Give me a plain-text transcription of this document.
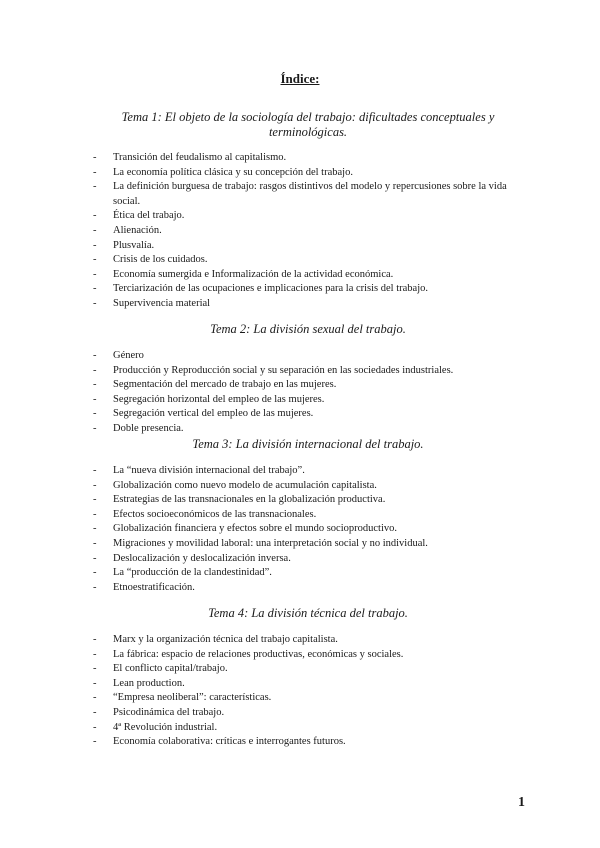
Índice:
Tema 1: El objeto de la sociología del trabajo: dificultades conceptuales y terminológicas.
- Transición del feudalismo al capitalismo.
- La economía política clásica y su concepción del trabajo.
- La definición burguesa de trabajo: rasgos distintivos del modelo y repercusiones sobre la vida social.
- Ética del trabajo.
- Alienación.
- Plusvalía.
- Crisis de los cuidados.
- Economía sumergida e Informalización de la actividad económica.
- Terciarización de las ocupaciones e implicaciones para la crisis del trabajo.
- Supervivencia material
Tema 2: La división sexual del trabajo.
- Género
- Producción y Reproducción social y su separación en las sociedades industriales.
- Segmentación del mercado de trabajo en las mujeres.
- Segregación horizontal del empleo de las mujeres.
- Segregación vertical del empleo de las mujeres.
- Doble presencia.
Tema 3: La división internacional del trabajo.
- La “nueva división internacional del trabajo”.
- Globalización como nuevo modelo de acumulación capitalista.
- Estrategias de las transnacionales en la globalización productiva.
- Efectos socioeconómicos de las transnacionales.
- Globalización financiera y efectos sobre el mundo socioproductivo.
- Migraciones y movilidad laboral: una interpretación social y no individual.
- Deslocalización y deslocalización inversa.
- La “producción de la clandestinidad”.
- Etnoestratificación.
Tema 4: La división técnica del trabajo.
- Marx y la organización técnica del trabajo capitalista.
- La fábrica: espacio de relaciones productivas, económicas y sociales.
- El conflicto capital/trabajo.
- Lean production.
- “Empresa neoliberal”: características.
- Psicodinámica del trabajo.
- 4ª Revolución industrial.
- Economía colaborativa: críticas e interrogantes futuros.
1
